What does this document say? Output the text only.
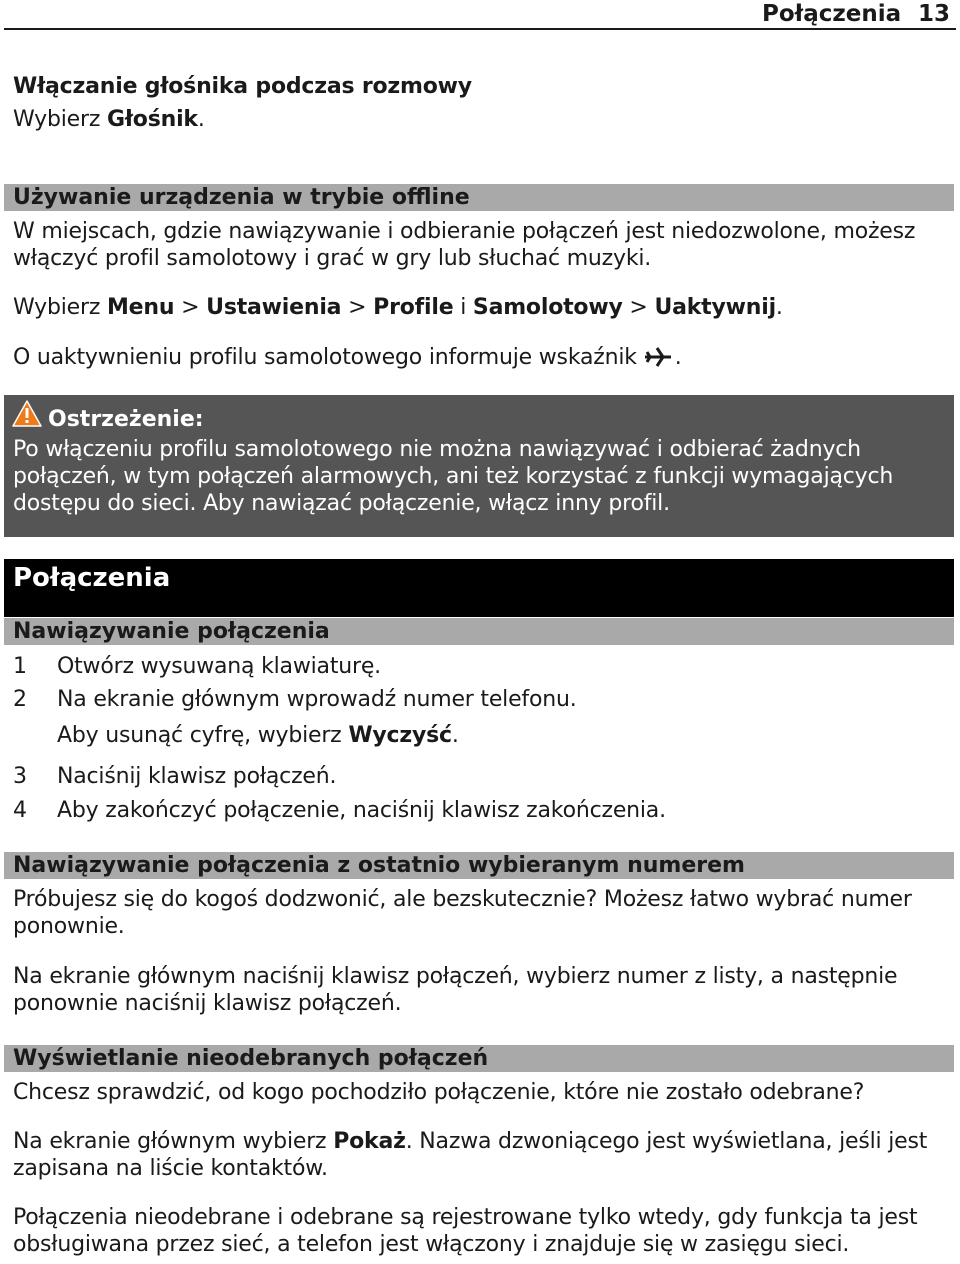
Połączenia 13
Włączanie głośnika podczas rozmowy
Wybierz Głośnik.
Używanie urządzenia w trybie offline
W miejscach, gdzie nawiązywanie i odbieranie połączeń jest niedozwolone, możesz
włączyć profil samolotowy i grać w gry lub słuchać muzyki.
Wybierz Menu > Ustawienia > Profile i Samolotowy > Uaktywnij.
O uaktywnieniu profilu samolotowego informuje wskaźnik .
Ostrzeżenie:
Po włączeniu profilu samolotowego nie można nawiązywać i odbierać żadnych
połączeń, w tym połączeń alarmowych, ani też korzystać z funkcji wymagających
dostępu do sieci. Aby nawiązać połączenie, włącz inny profil.
Połączenia
Nawiązywanie połączenia
1 Otwórz wysuwaną klawiaturę.
2 Na ekranie głównym wprowadź numer telefonu.
Aby usunąć cyfrę, wybierz Wyczyść.
3 Naciśnij klawisz połączeń.
4 Aby zakończyć połączenie, naciśnij klawisz zakończenia.
Nawiązywanie połączenia z ostatnio wybieranym numerem
Próbujesz się do kogoś dodzwonić, ale bezskutecznie? Możesz łatwo wybrać numer
ponownie.
Na ekranie głównym naciśnij klawisz połączeń, wybierz numer z listy, a następnie
ponownie naciśnij klawisz połączeń.
Wyświetlanie nieodebranych połączeń
Chcesz sprawdzić, od kogo pochodziło połączenie, które nie zostało odebrane?
Na ekranie głównym wybierz Pokaż. Nazwa dzwoniącego jest wyświetlana, jeśli jest
zapisana na liście kontaktów.
Połączenia nieodebrane i odebrane są rejestrowane tylko wtedy, gdy funkcja ta jest
obsługiwana przez sieć, a telefon jest włączony i znajduje się w zasięgu sieci.
